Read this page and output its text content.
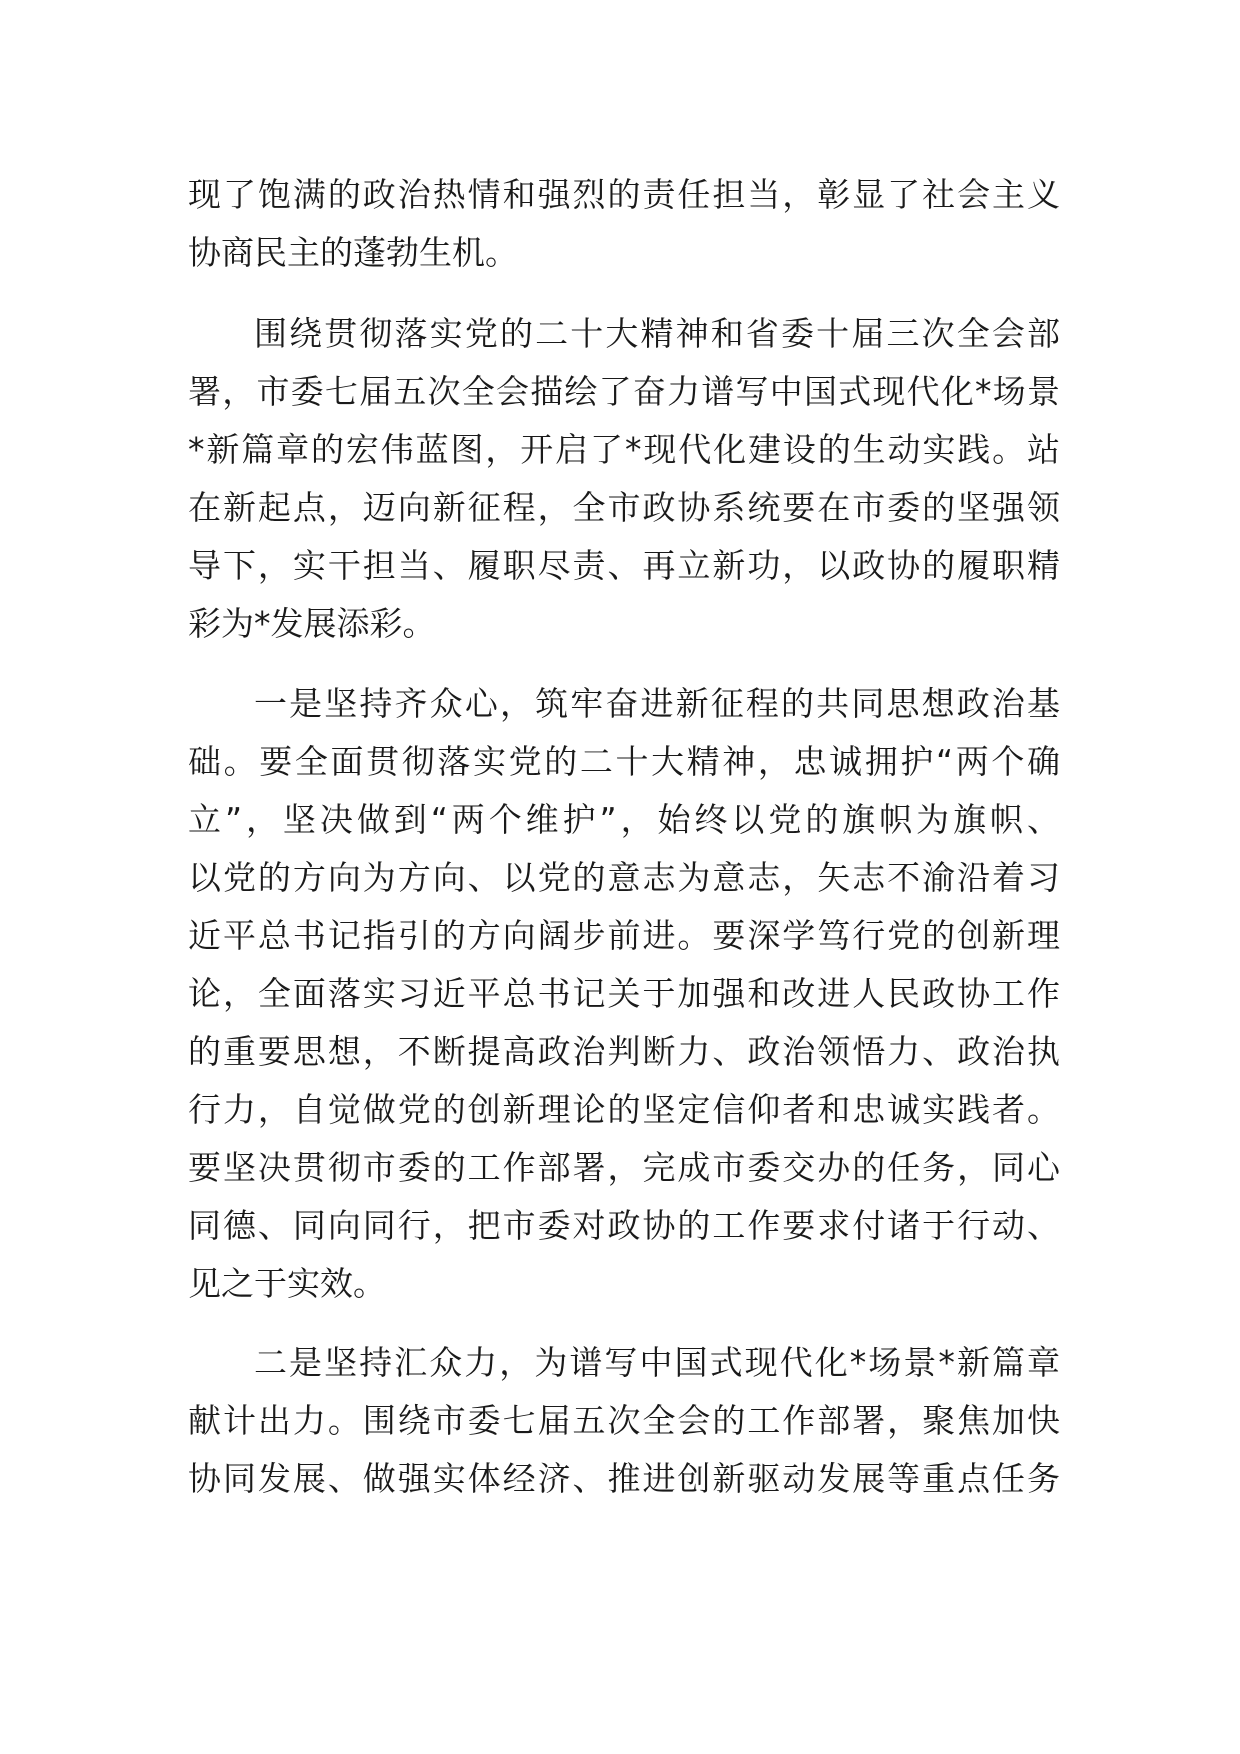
现了饱满的政治热情和强烈的责任担当，彰显了社会主义
协商民主的蓬勃生机。
围绕贯彻落实党的二十大精神和省委十届三次全会部
署，市委七届五次全会描绘了奋力谱写中国式现代化*场景
*新篇章的宏伟蓝图，开启了*现代化建设的生动实践。站
在新起点，迈向新征程，全市政协系统要在市委的坚强领
导下，实干担当、履职尽责、再立新功，以政协的履职精
彩为*发展添彩。
一是坚持齐众心，筑牢奋进新征程的共同思想政治基
础。要全面贯彻落实党的二十大精神，忠诚拥护“两个确
立”，坚决做到“两个维护”，始终以党的旗帜为旗帜、
以党的方向为方向、以党的意志为意志，矢志不渝沿着习
近平总书记指引的方向阔步前进。要深学笃行党的创新理
论，全面落实习近平总书记关于加强和改进人民政协工作
的重要思想，不断提高政治判断力、政治领悟力、政治执
行力，自觉做党的创新理论的坚定信仰者和忠诚实践者。
要坚决贯彻市委的工作部署，完成市委交办的任务，同心
同德、同向同行，把市委对政协的工作要求付诸于行动、
见之于实效。
二是坚持汇众力，为谱写中国式现代化*场景*新篇章
献计出力。围绕市委七届五次全会的工作部署，聚焦加快
协同发展、做强实体经济、推进创新驱动发展等重点任务
